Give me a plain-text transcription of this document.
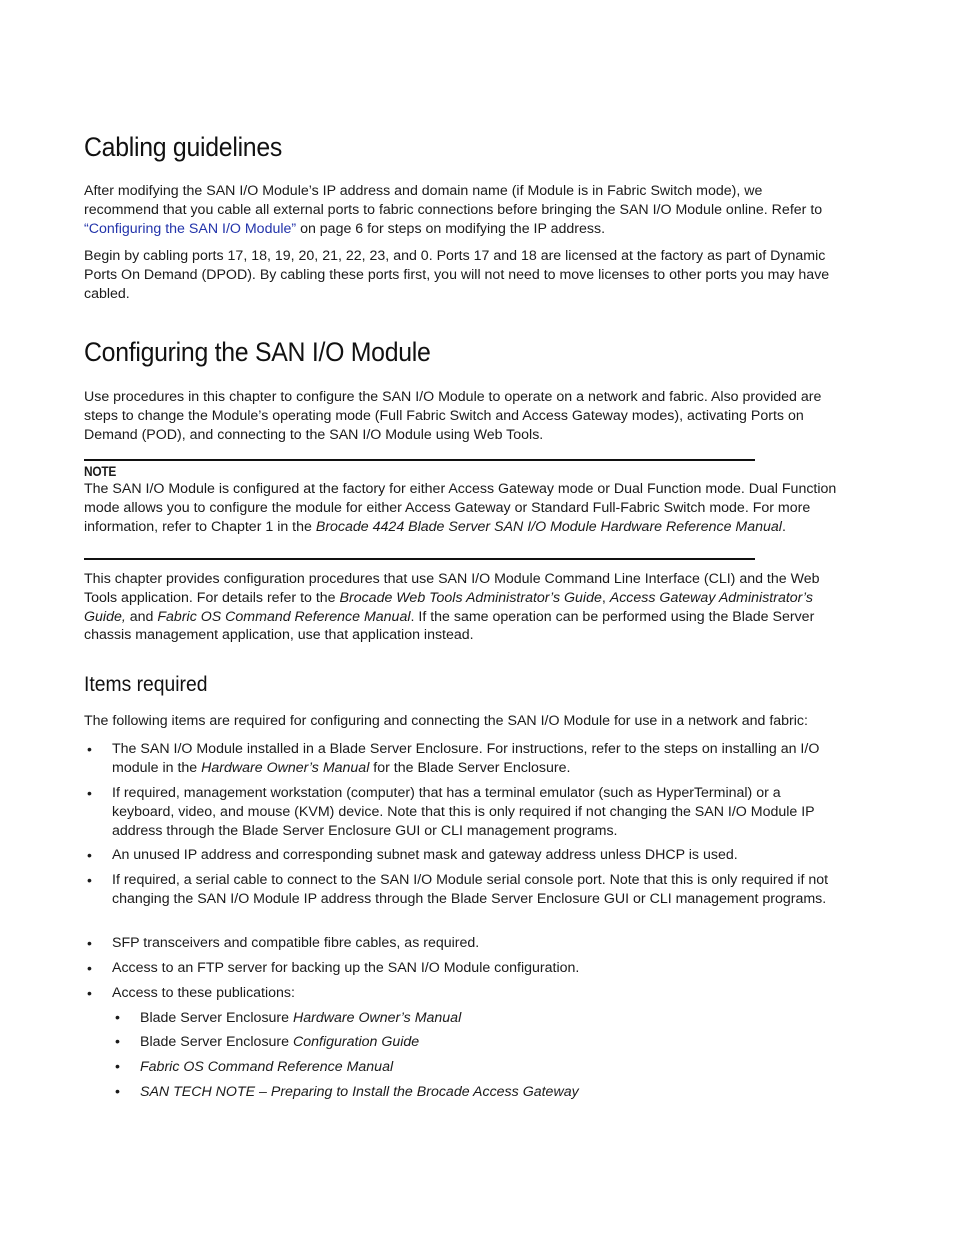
Cabling guidelines

After modifying the SAN I/O Module’s IP address and domain name (if Module is in Fabric Switch mode), we recommend that you cable all external ports to fabric connections before bringing the SAN I/O Module online. Refer to “Configuring the SAN I/O Module” on page 6 for steps on modifying the IP address.

Begin by cabling ports 17, 18, 19, 20, 21, 22, 23, and 0. Ports 17 and 18 are licensed at the factory as part of Dynamic Ports On Demand (DPOD). By cabling these ports first, you will not need to move licenses to other ports you may have cabled.

Configuring the SAN I/O Module

Use procedures in this chapter to configure the SAN I/O Module to operate on a network and fabric. Also provided are steps to change the Module’s operating mode (Full Fabric Switch and Access Gateway modes), activating Ports on Demand (POD), and connecting to the SAN I/O Module using Web Tools.

NOTE

The SAN I/O Module is configured at the factory for either Access Gateway mode or Dual Function mode. Dual Function mode allows you to configure the module for either Access Gateway or Standard Full-Fabric Switch mode. For more information, refer to Chapter 1 in the Brocade 4424 Blade Server SAN I/O Module Hardware Reference Manual.

This chapter provides configuration procedures that use SAN I/O Module Command Line Interface (CLI) and the Web Tools application. For details refer to the Brocade Web Tools Administrator’s Guide, Access Gateway Administrator’s Guide, and Fabric OS Command Reference Manual. If the same operation can be performed using the Blade Server chassis management application, use that application instead.

Items required

The following items are required for configuring and connecting the SAN I/O Module for use in a network and fabric:

• The SAN I/O Module installed in a Blade Server Enclosure. For instructions, refer to the steps on installing an I/O module in the Hardware Owner’s Manual for the Blade Server Enclosure.
• If required, management workstation (computer) that has a terminal emulator (such as HyperTerminal) or a keyboard, video, and mouse (KVM) device. Note that this is only required if not changing the SAN I/O Module IP address through the Blade Server Enclosure GUI or CLI management programs.
• An unused IP address and corresponding subnet mask and gateway address unless DHCP is used.
• If required, a serial cable to connect to the SAN I/O Module serial console port. Note that this is only required if not changing the SAN I/O Module IP address through the Blade Server Enclosure GUI or CLI management programs.
• SFP transceivers and compatible fibre cables, as required.
• Access to an FTP server for backing up the SAN I/O Module configuration.
• Access to these publications:
• Blade Server Enclosure Hardware Owner’s Manual
• Blade Server Enclosure Configuration Guide
• Fabric OS Command Reference Manual
• SAN TECH NOTE – Preparing to Install the Brocade Access Gateway
